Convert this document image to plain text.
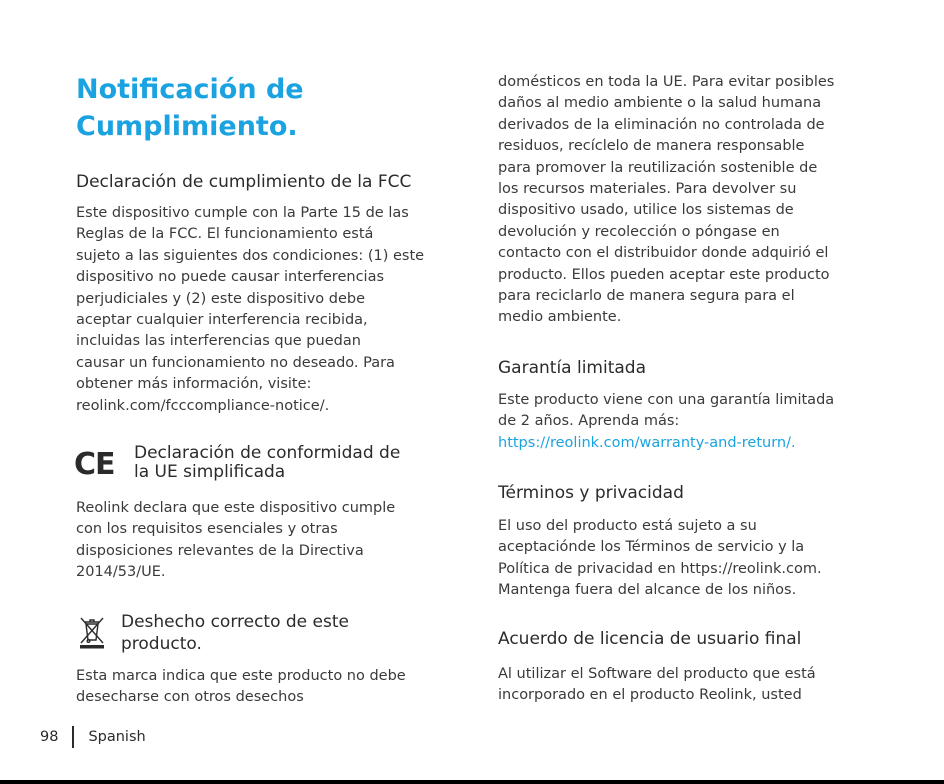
Notificación de Cumplimiento.
Declaración de cumplimiento de la FCC

Este dispositivo cumple con la Parte 15 de las
Reglas de la FCC. El funcionamiento está
sujeto a las siguientes dos condiciones: (1) este
dispositivo no puede causar interferencias
perjudiciales y (2) este dispositivo debe
aceptar cualquier interferencia recibida,
incluidas las interferencias que puedan
causar un funcionamiento no deseado. Para
obtener más información, visite:
reolink.com/fcccompliance-notice/.

CE Declaración de conformidad de
la UE simplificada

Reolink declara que este dispositivo cumple
con los requisitos esenciales y otras
disposiciones relevantes de la Directiva
2014/53/UE.

Deshecho correcto de este
producto.

Esta marca indica que este producto no debe
desecharse con otros desechos

domésticos en toda la UE. Para evitar posibles
daños al medio ambiente o la salud humana
derivados de la eliminación no controlada de
residuos, recíclelo de manera responsable
para promover la reutilización sostenible de
los recursos materiales. Para devolver su
dispositivo usado, utilice los sistemas de
devolución y recolección o póngase en
contacto con el distribuidor donde adquirió el
producto. Ellos pueden aceptar este producto
para reciclarlo de manera segura para el
medio ambiente.

Garantía limitada

Este producto viene con una garantía limitada
de 2 años. Aprenda más:
https://reolink.com/warranty-and-return/.

Términos y privacidad

El uso del producto está sujeto a su
aceptaciónde los Términos de servicio y la
Política de privacidad en https://reolink.com.
Mantenga fuera del alcance de los niños.

Acuerdo de licencia de usuario final

Al utilizar el Software del producto que está
incorporado en el producto Reolink, usted

98 Spanish
